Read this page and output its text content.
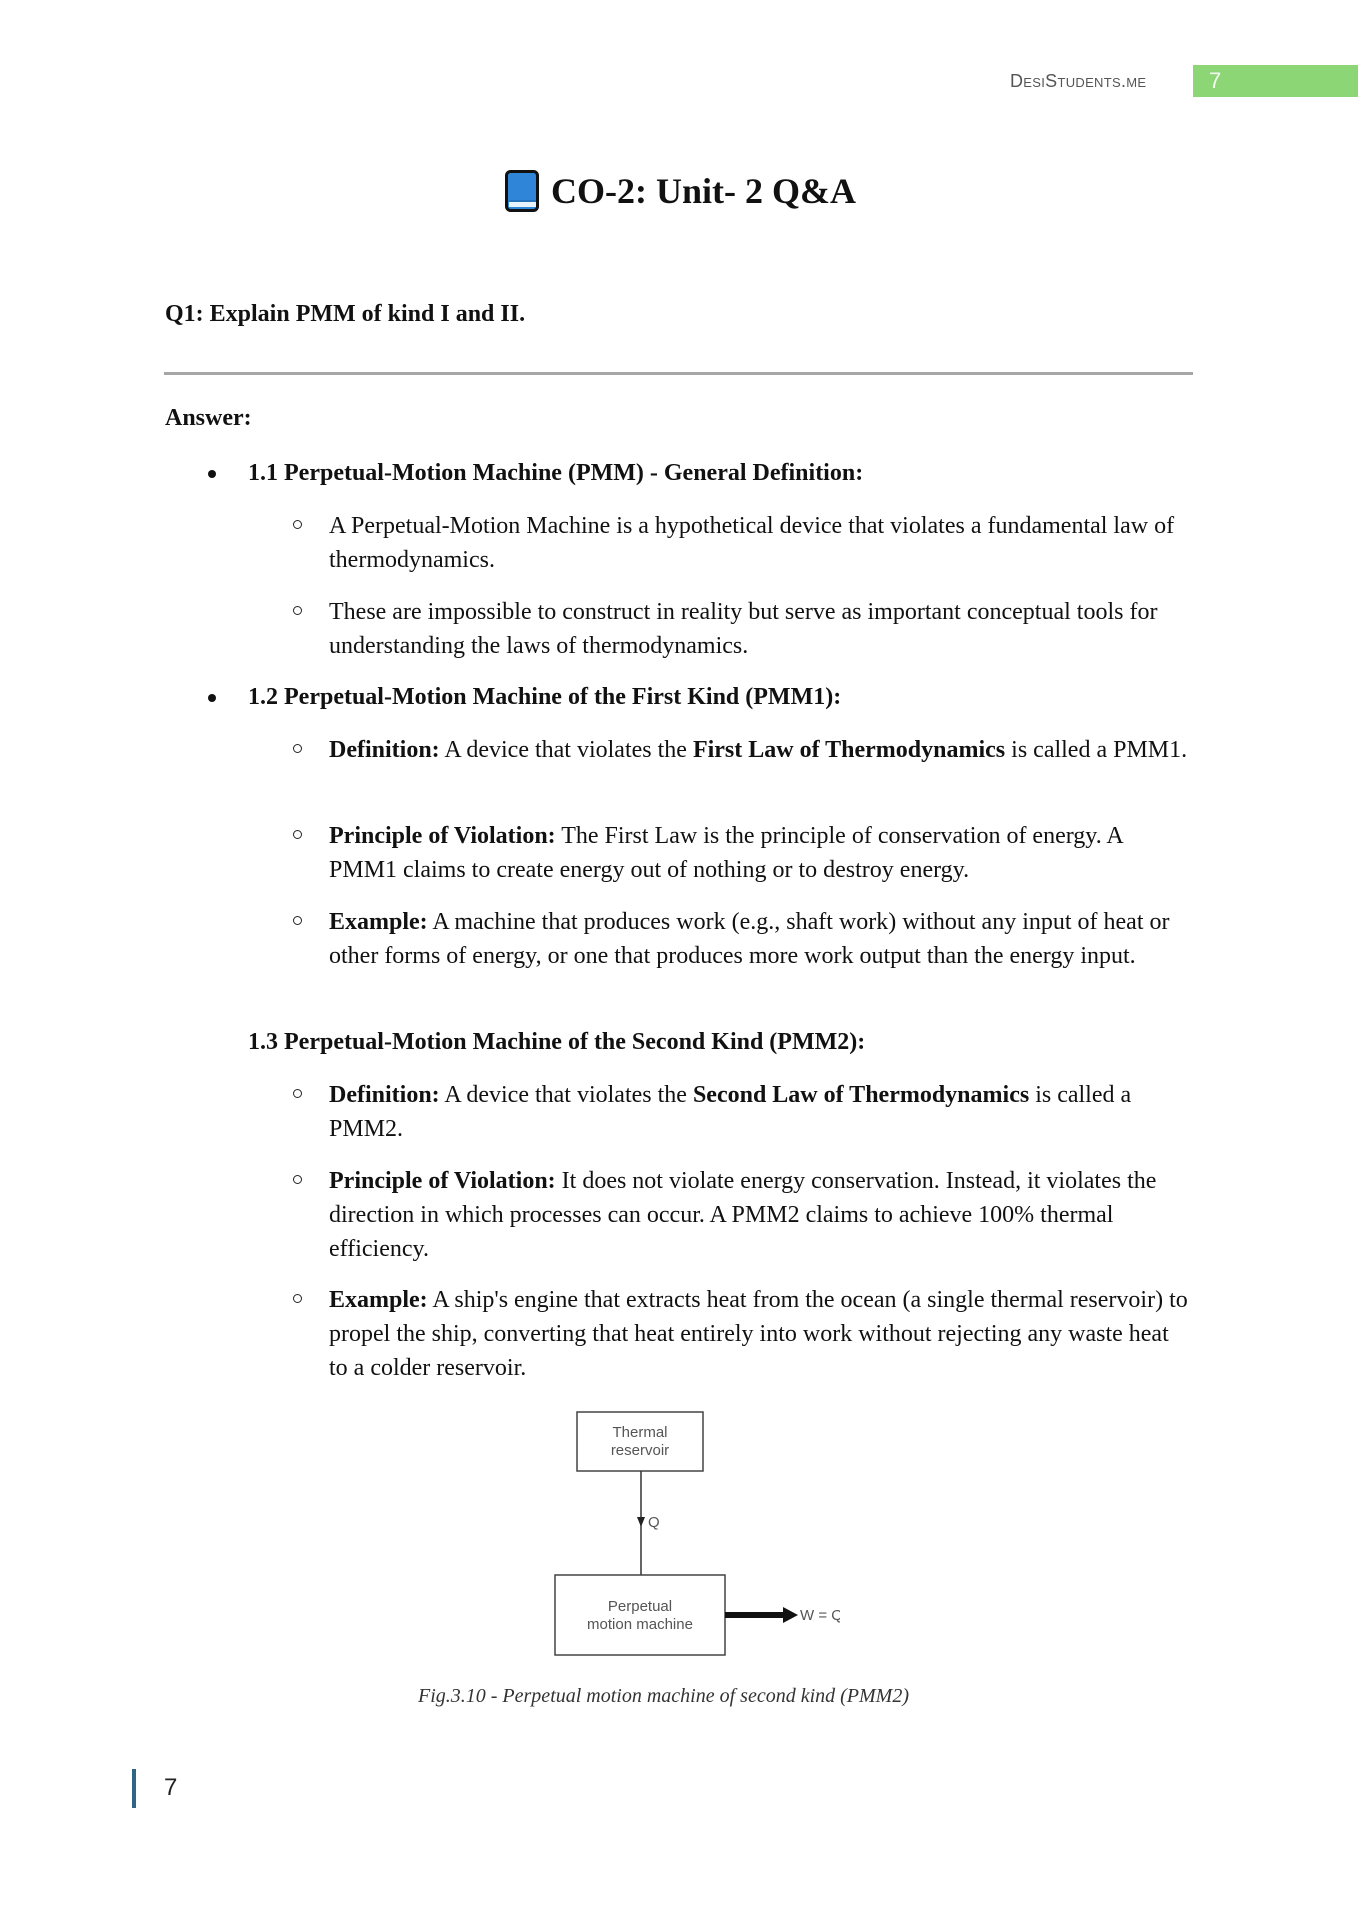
DesiStudents.me	7
CO-2: Unit- 2 Q&A
Q1: Explain PMM of kind I and II.
Answer:
1.1 Perpetual-Motion Machine (PMM) - General Definition:
A Perpetual-Motion Machine is a hypothetical device that violates a fundamental law of thermodynamics.
These are impossible to construct in reality but serve as important conceptual tools for understanding the laws of thermodynamics.
1.2 Perpetual-Motion Machine of the First Kind (PMM1):
Definition: A device that violates the First Law of Thermodynamics is called a PMM1.
Principle of Violation: The First Law is the principle of conservation of energy. A PMM1 claims to create energy out of nothing or to destroy energy.
Example: A machine that produces work (e.g., shaft work) without any input of heat or other forms of energy, or one that produces more work output than the energy input.
1.3 Perpetual-Motion Machine of the Second Kind (PMM2):
Definition: A device that violates the Second Law of Thermodynamics is called a PMM2.
Principle of Violation: It does not violate energy conservation. Instead, it violates the direction in which processes can occur. A PMM2 claims to achieve 100% thermal efficiency.
Example: A ship's engine that extracts heat from the ocean (a single thermal reservoir) to propel the ship, converting that heat entirely into work without rejecting any waste heat to a colder reservoir.
Thermal
reservoir
Q
Perpetual
motion machine
W = Q
Fig.3.10 - Perpetual motion machine of second kind (PMM2)
7
